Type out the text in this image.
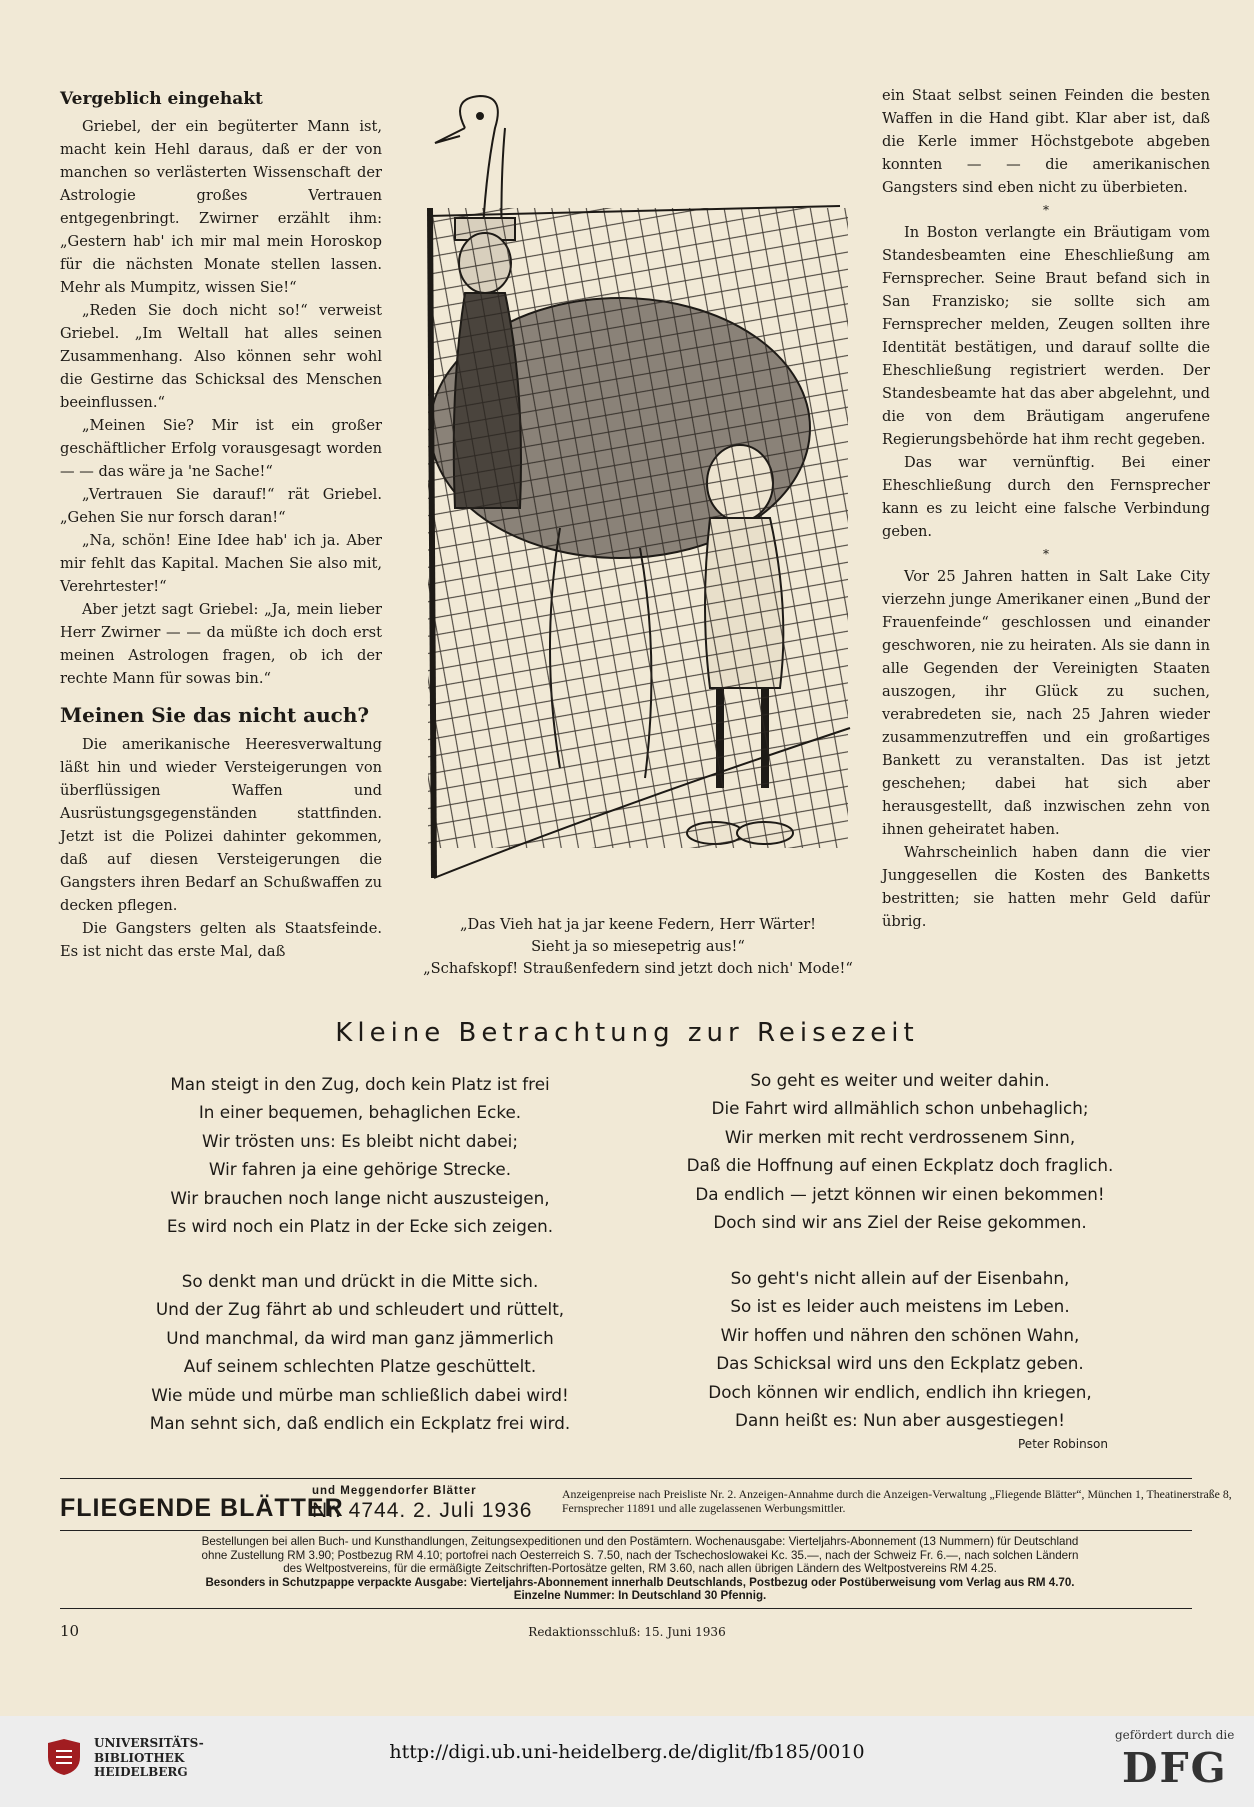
Vergeblich eingehakt

Griebel, der ein begüterter Mann ist, macht kein Hehl daraus, daß er der von manchen so verlästerten Wissenschaft der Astrologie großes Vertrauen entgegenbringt. Zwirner erzählt ihm: „Gestern hab' ich mir mal mein Horoskop für die nächsten Monate stellen lassen. Mehr als Mumpitz, wissen Sie!“

„Reden Sie doch nicht so!“ verweist Griebel. „Im Weltall hat alles seinen Zusammenhang. Also können sehr wohl die Gestirne das Schicksal des Menschen beeinflussen.“

„Meinen Sie? Mir ist ein großer geschäftlicher Erfolg vorausgesagt worden — — das wäre ja 'ne Sache!“

„Vertrauen Sie darauf!“ rät Griebel. „Gehen Sie nur forsch daran!“

„Na, schön! Eine Idee hab' ich ja. Aber mir fehlt das Kapital. Machen Sie also mit, Verehrtester!“

Aber jetzt sagt Griebel: „Ja, mein lieber Herr Zwirner — — da müßte ich doch erst meinen Astrologen fragen, ob ich der rechte Mann für sowas bin.“

Meinen Sie das nicht auch?

Die amerikanische Heeresverwaltung läßt hin und wieder Versteigerungen von überflüssigen Waffen und Ausrüstungsgegenständen stattfinden. Jetzt ist die Polizei dahinter gekommen, daß auf diesen Versteigerungen die Gangsters ihren Bedarf an Schußwaffen zu decken pflegen.

Die Gangsters gelten als Staatsfeinde. Es ist nicht das erste Mal, daß

„Das Vieh hat ja jar keene Federn, Herr Wärter!
Sieht ja so miesepetrig aus!“
„Schafskopf! Straußenfedern sind jetzt doch nich' Mode!“

ein Staat selbst seinen Feinden die besten Waffen in die Hand gibt. Klar aber ist, daß die Kerle immer Höchstgebote abgeben konnten — — die amerikanischen Gangsters sind eben nicht zu überbieten.

*

In Boston verlangte ein Bräutigam vom Standesbeamten eine Eheschließung am Fernsprecher. Seine Braut befand sich in San Franzisko; sie sollte sich am Fernsprecher melden, Zeugen sollten ihre Identität bestätigen, und darauf sollte die Eheschließung registriert werden. Der Standesbeamte hat das aber abgelehnt, und die von dem Bräutigam angerufene Regierungsbehörde hat ihm recht gegeben.

Das war vernünftig. Bei einer Eheschließung durch den Fernsprecher kann es zu leicht eine falsche Verbindung geben.

*

Vor 25 Jahren hatten in Salt Lake City vierzehn junge Amerikaner einen „Bund der Frauenfeinde“ geschlossen und einander geschworen, nie zu heiraten. Als sie dann in alle Gegenden der Vereinigten Staaten auszogen, ihr Glück zu suchen, verabredeten sie, nach 25 Jahren wieder zusammenzutreffen und ein großartiges Bankett zu veranstalten. Das ist jetzt geschehen; dabei hat sich aber herausgestellt, daß inzwischen zehn von ihnen geheiratet haben.

Wahrscheinlich haben dann die vier Junggesellen die Kosten des Banketts bestritten; sie hatten mehr Geld dafür übrig.

Kleine Betrachtung zur Reisezeit
Man steigt in den Zug, doch kein Platz ist frei
In einer bequemen, behaglichen Ecke.
Wir trösten uns: Es bleibt nicht dabei;
Wir fahren ja eine gehörige Strecke.
Wir brauchen noch lange nicht auszusteigen,
Es wird noch ein Platz in der Ecke sich zeigen.
So geht es weiter und weiter dahin.
Die Fahrt wird allmählich schon unbehaglich;
Wir merken mit recht verdrossenem Sinn,
Daß die Hoffnung auf einen Eckplatz doch fraglich.
Da endlich — jetzt können wir einen bekommen!
Doch sind wir ans Ziel der Reise gekommen.
So denkt man und drückt in die Mitte sich.
Und der Zug fährt ab und schleudert und rüttelt,
Und manchmal, da wird man ganz jämmerlich
Auf seinem schlechten Platze geschüttelt.
Wie müde und mürbe man schließlich dabei wird!
Man sehnt sich, daß endlich ein Eckplatz frei wird.
So geht's nicht allein auf der Eisenbahn,
So ist es leider auch meistens im Leben.
Wir hoffen und nähren den schönen Wahn,
Das Schicksal wird uns den Eckplatz geben.
Doch können wir endlich, endlich ihn kriegen,
Dann heißt es: Nun aber ausgestiegen!
Peter Robinson
FLIEGENDE BLÄTTER
und Meggendorfer Blätter
Nr. 4744. 2. Juli 1936
Anzeigenpreise nach Preisliste Nr. 2. Anzeigen-Annahme durch die Anzeigen-Verwaltung „Fliegende Blätter“, München 1, Theatinerstraße 8, Fernsprecher 11891 und alle zugelassenen Werbungsmittler.
Bestellungen bei allen Buch- und Kunsthandlungen, Zeitungsexpeditionen und den Postämtern. Wochenausgabe: Vierteljahrs-Abonnement (13 Nummern) für Deutschland
ohne Zustellung RM 3.90; Postbezug RM 4.10; portofrei nach Oesterreich S. 7.50, nach der Tschechoslowakei Kc. 35.—, nach der Schweiz Fr. 6.—, nach solchen Ländern
des Weltpostvereins, für die ermäßigte Zeitschriften-Portosätze gelten, RM 3.60, nach allen übrigen Ländern des Weltpostvereins RM 4.25.
Besonders in Schutzpappe verpackte Ausgabe: Vierteljahrs-Abonnement innerhalb Deutschlands, Postbezug oder Postüberweisung vom Verlag aus RM 4.70.
Einzelne Nummer: In Deutschland 30 Pfennig.
10	Redaktionsschluß: 15. Juni 1936
UNIVERSITÄTS-
BIBLIOTHEK
HEIDELBERG
http://digi.ub.uni-heidelberg.de/diglit/fb185/0010
gefördert durch die
DFG
